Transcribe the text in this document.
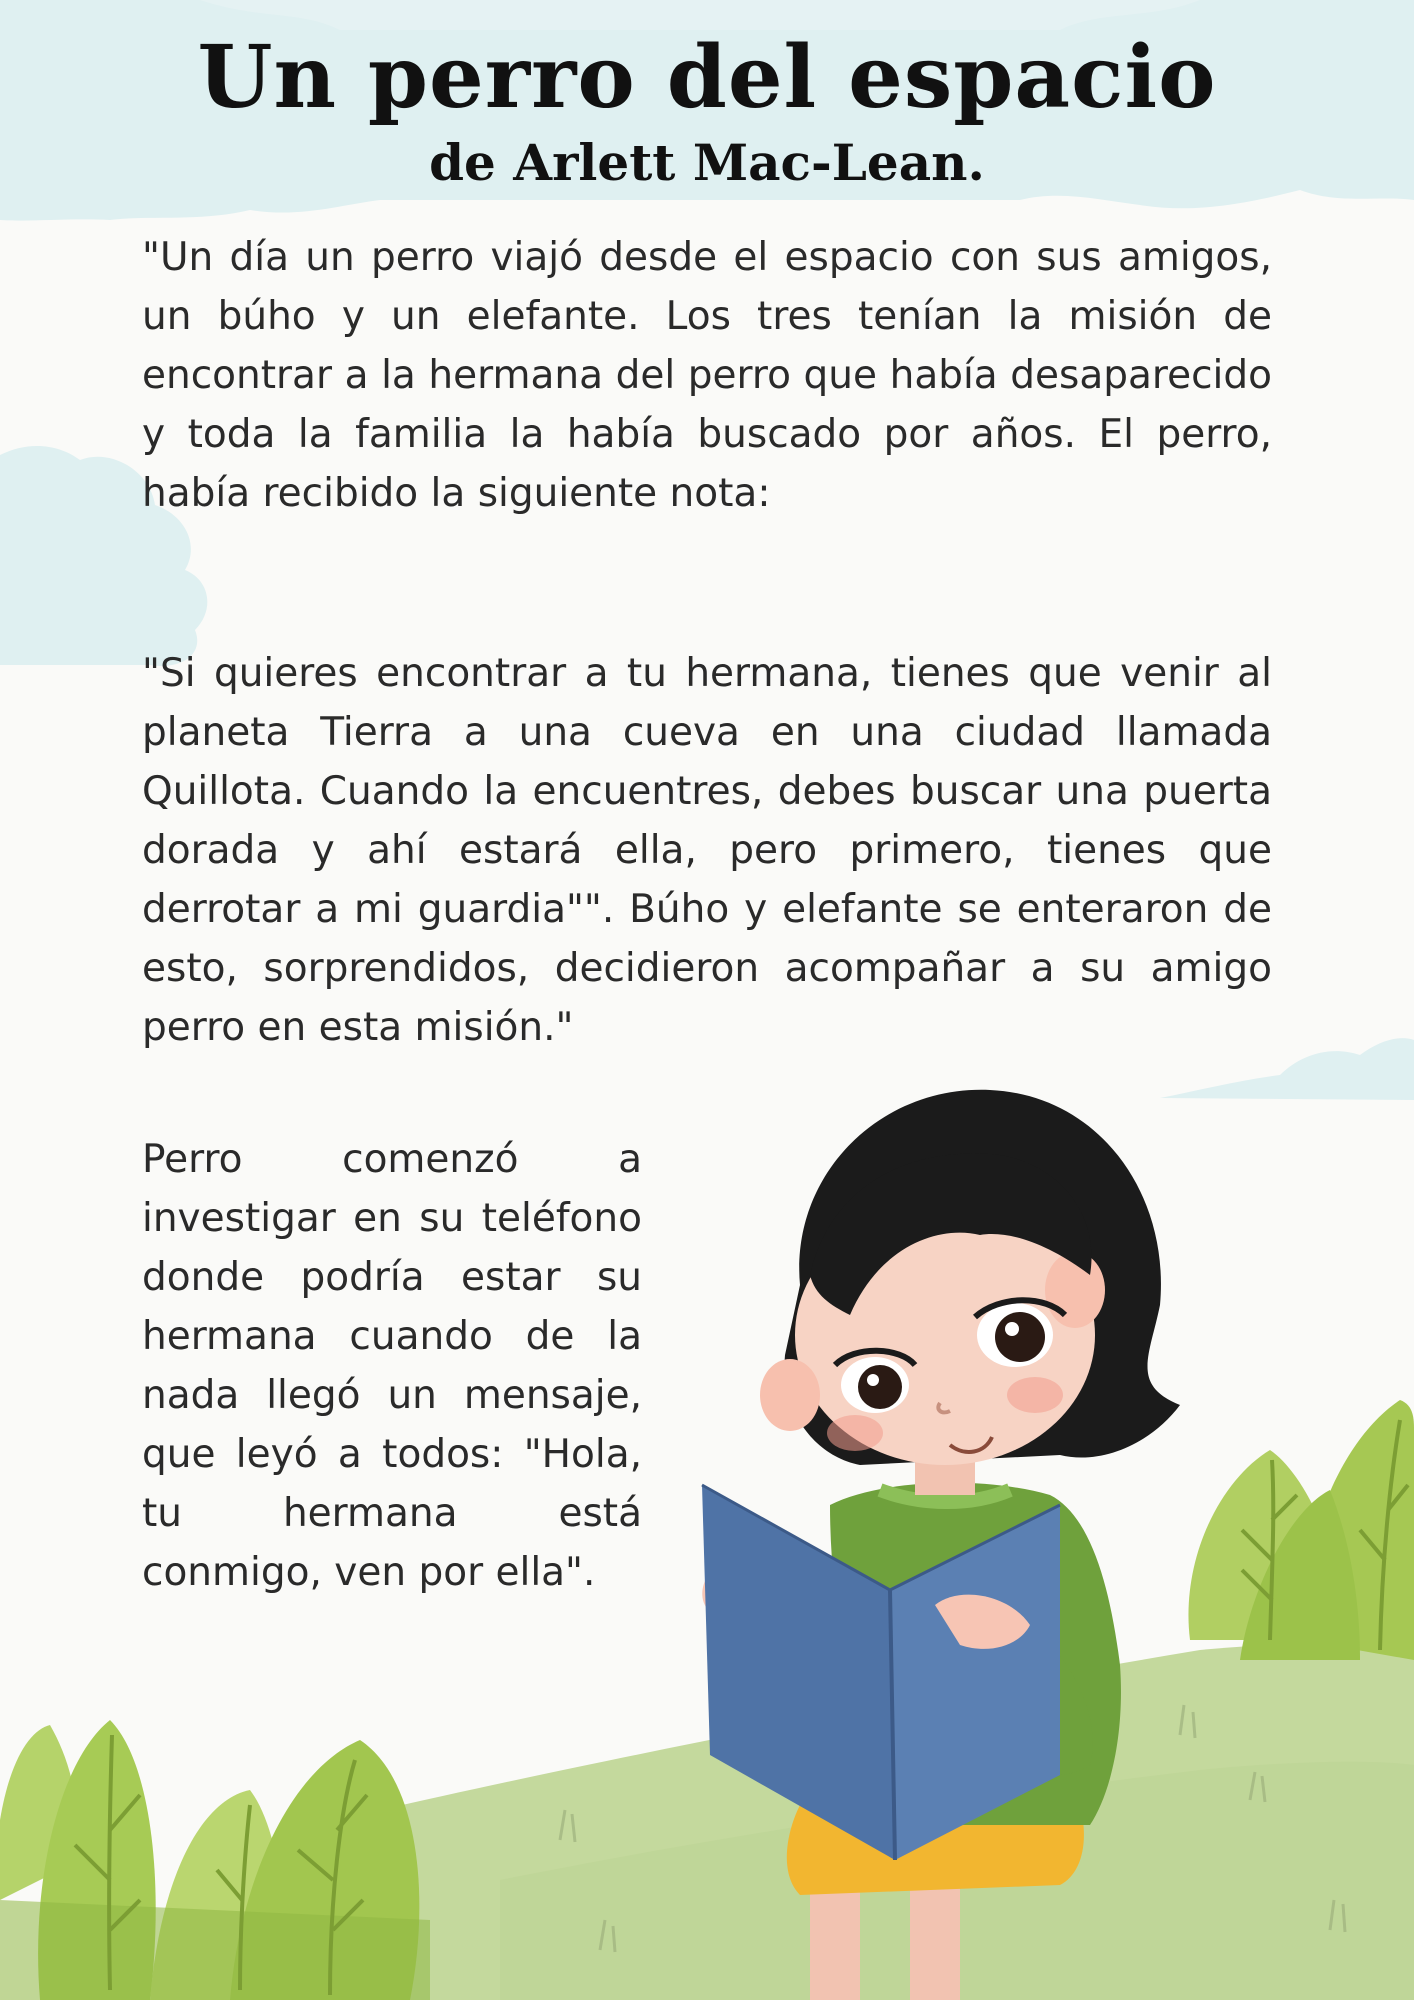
Un perro del espacio
de Arlett Mac-Lean.

"Un día un perro viajó desde el espacio con sus amigos, un búho y un elefante. Los tres tenían la misión de encontrar a la hermana del perro que había desaparecido y toda la familia la había buscado por años. El perro, había recibido la siguiente nota:

"Si quieres encontrar a tu hermana, tienes que venir al planeta Tierra a una cueva en una ciudad llamada Quillota. Cuando la encuentres, debes buscar una puerta dorada y ahí estará ella, pero primero, tienes que derrotar a mi guardia"". Búho y elefante se enteraron de esto, sorprendidos, decidieron acompañar a su amigo perro en esta misión."

Perro comenzó a investigar en su teléfono donde podría estar su hermana cuando de la nada llegó un mensaje, que leyó a todos: "Hola, tu hermana está conmigo, ven por ella".
